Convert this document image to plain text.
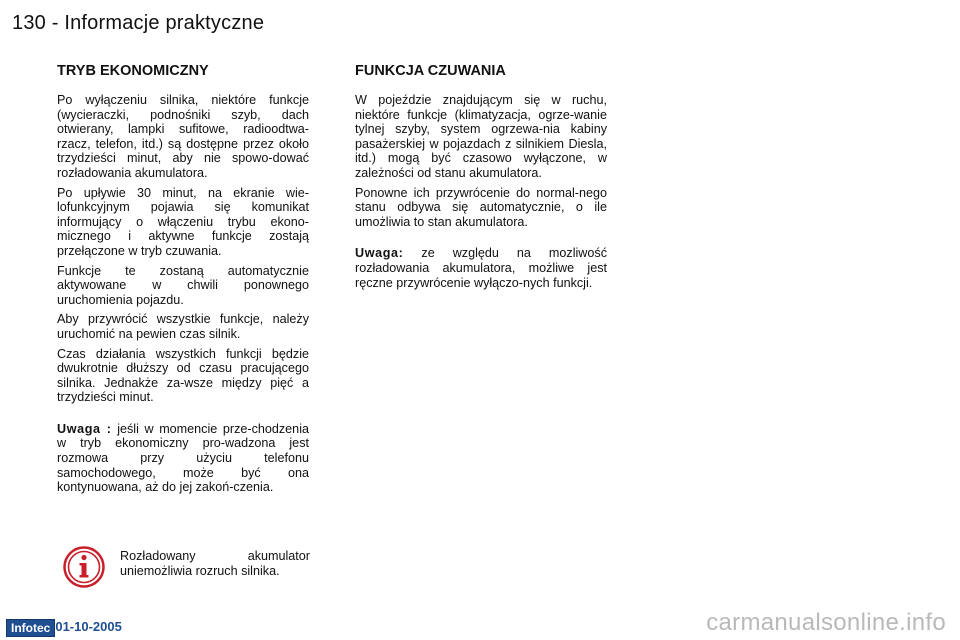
130 - Informacje praktyczne
TRYB EKONOMICZNY

Po wyłączeniu silnika, niektóre funkcje (wycieraczki, podnośniki szyb, dach otwierany, lampki sufitowe, radioodtwa-rzacz, telefon, itd.) są dostępne przez około trzydzieści minut, aby nie spowo-dować rozładowania akumulatora.

Po upływie 30 minut, na ekranie wie-lofunkcyjnym pojawia się komunikat informujący o włączeniu trybu ekono-micznego i aktywne funkcje zostają przełączone w tryb czuwania.

Funkcje te zostaną automatycznie aktywowane w chwili ponownego uruchomienia pojazdu.

Aby przywrócić wszystkie funkcje, należy uruchomić na pewien czas silnik.

Czas działania wszystkich funkcji będzie dwukrotnie dłuższy od czasu pracującego silnika. Jednakże za-wsze między pięć a trzydzieści minut.

Uwaga : jeśli w momencie prze-chodzenia w tryb ekonomiczny pro-wadzona jest rozmowa przy użyciu telefonu samochodowego, może być ona kontynuowana, aż do jej zakoń-czenia.

FUNKCJA CZUWANIA

W pojeździe znajdującym się w ruchu, niektóre funkcje (klimatyzacja, ogrze-wanie tylnej szyby, system ogrzewa-nia kabiny pasażerskiej w pojazdach z silnikiem Diesla, itd.) mogą być czasowo wyłączone, w zależności od stanu akumulatora.

Ponowne ich przywrócenie do normal-nego stanu odbywa się automatycznie, o ile umożliwia to stan akumulatora.

Uwaga: ze względu na mozliwość rozładowania akumulatora, możliwe jest ręczne przywrócenie wyłączo-nych funkcji.

Rozładowany akumulator uniemożliwia rozruch silnika.
Infotec 01-10-2005	carmanualsonline.info
